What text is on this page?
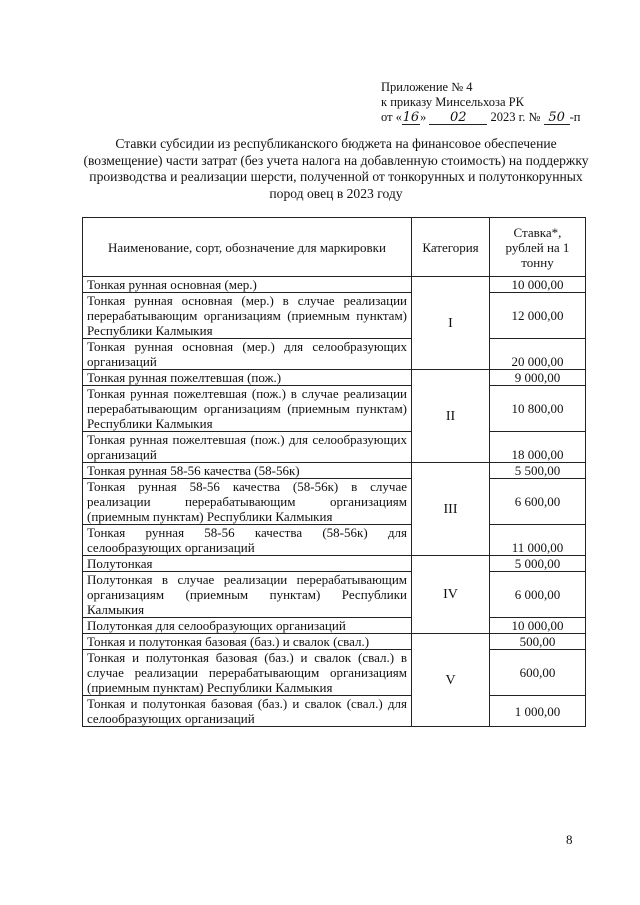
Приложение № 4
к приказу Минсельхоза РК
от «16» 02 2023 г. № 50 -п
Ставки субсидии из республиканского бюджета на финансовое обеспечение (возмещение) части затрат (без учета налога на добавленную стоимость) на поддержку производства и реализации шерсти, полученной от тонкорунных и полутонкорунных пород овец в 2023 году
Наименование, сорт, обозначение для маркировки	Категория	Ставка*, рублей на 1 тонну
Тонкая рунная основная (мер.)	I	10 000,00
Тонкая рунная основная (мер.) в случае реализации перерабатывающим организациям (приемным пунктам) Республики Калмыкия		12 000,00
Тонкая рунная основная (мер.) для селообразующих организаций		20 000,00
Тонкая рунная пожелтевшая (пож.)	II	9 000,00
Тонкая рунная пожелтевшая (пож.) в случае реализации перерабатывающим организациям (приемным пунктам) Республики Калмыкия		10 800,00
Тонкая рунная пожелтевшая (пож.) для селообразующих организаций		18 000,00
Тонкая рунная 58-56 качества (58-56к)	III	5 500,00
Тонкая рунная 58-56 качества (58-56к) в случае реализации перерабатывающим организациям (приемным пунктам) Республики Калмыкия		6 600,00
Тонкая рунная 58-56 качества (58-56к) для селообразующих организаций		11 000,00
Полутонкая	IV	5 000,00
Полутонкая в случае реализации перерабатывающим организациям (приемным пунктам) Республики Калмыкия		6 000,00
Полутонкая для селообразующих организаций		10 000,00
Тонкая и полутонкая базовая (баз.) и свалок (свал.)	V	500,00
Тонкая и полутонкая базовая (баз.) и свалок (свал.) в случае реализации перерабатывающим организациям (приемным пунктам) Республики Калмыкия		600,00
Тонкая и полутонкая базовая (баз.) и свалок (свал.) для селообразующих организаций		1 000,00
8
